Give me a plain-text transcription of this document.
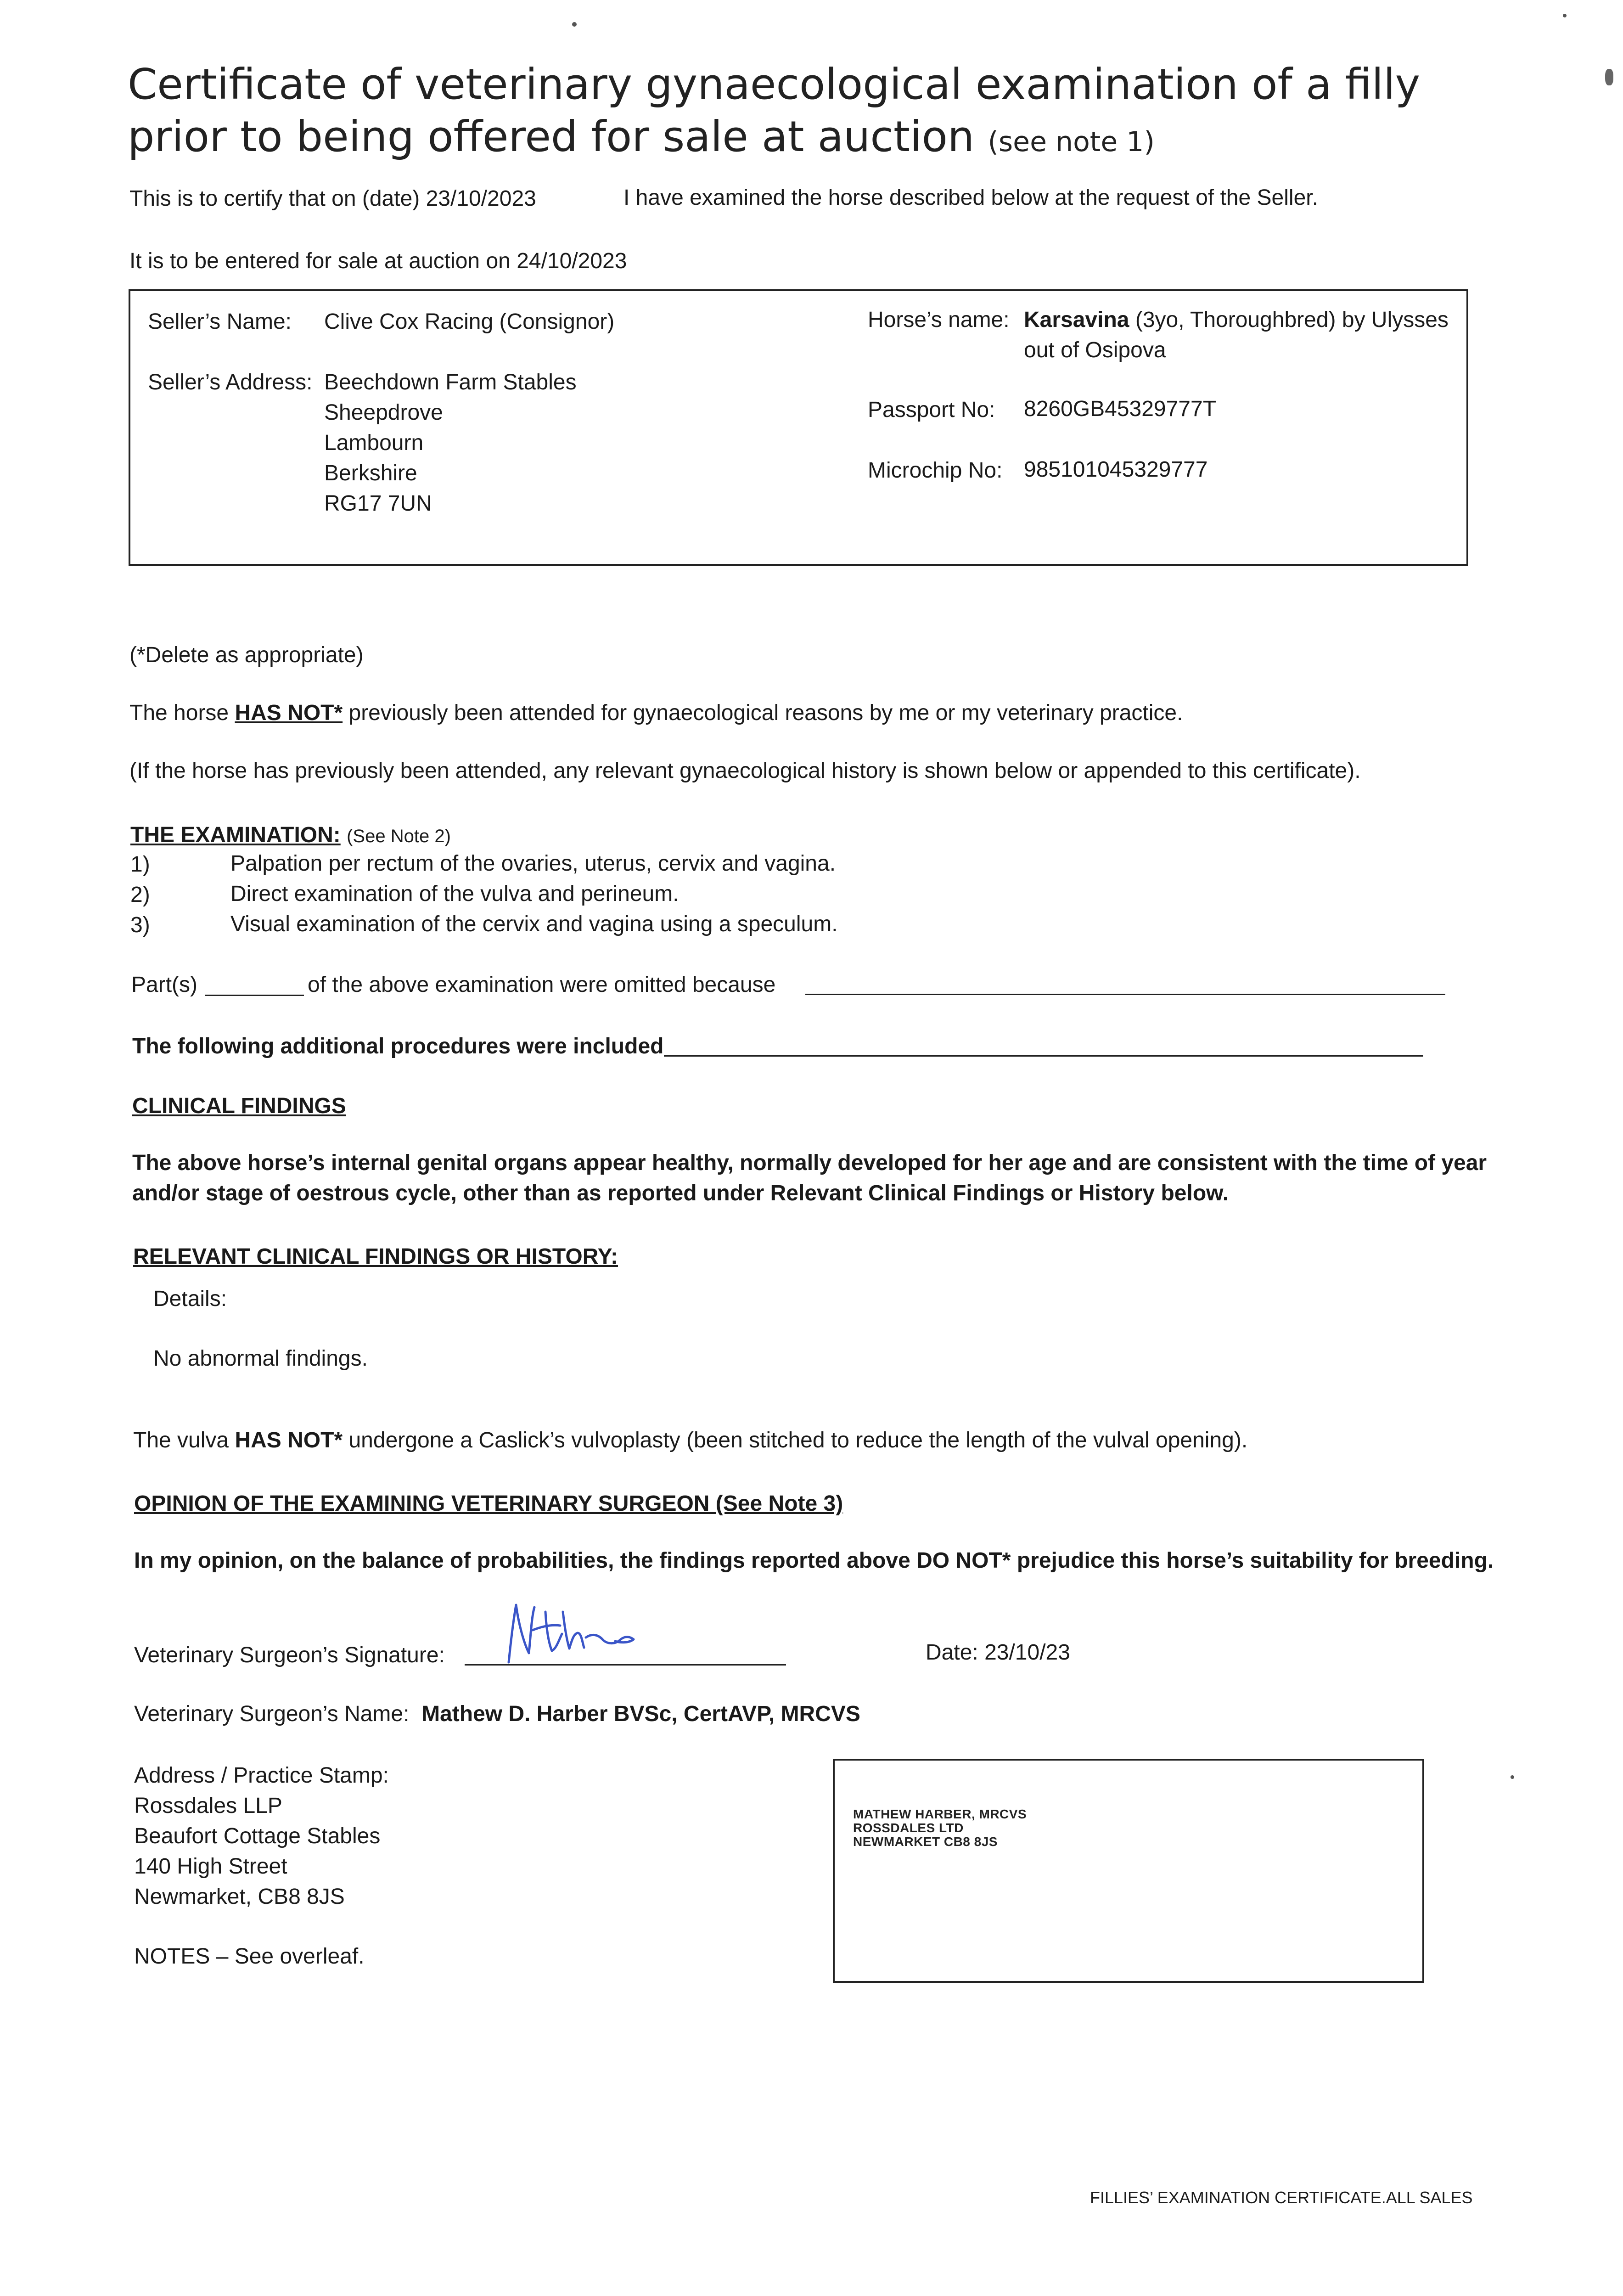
Certificate of veterinary gynaecological examination of a filly
prior to being offered for sale at auction (see note 1)
This is to certify that on (date) 23/10/2023	I have examined the horse described below at the request of the Seller.
It is to be entered for sale at auction on 24/10/2023
Seller’s Name: Clive Cox Racing (Consignor)
Seller’s Address: Beechdown Farm Stables
Sheepdrove
Lambourn
Berkshire
RG17 7UN
Horse’s name: Karsavina (3yo, Thoroughbred) by Ulysses
out of Osipova
Passport No: 8260GB45329777T
Microchip No: 985101045329777
(*Delete as appropriate)
The horse HAS NOT* previously been attended for gynaecological reasons by me or my veterinary practice.
(If the horse has previously been attended, any relevant gynaecological history is shown below or appended to this certificate).
THE EXAMINATION: (See Note 2)
1)	Palpation per rectum of the ovaries, uterus, cervix and vagina.
2)	Direct examination of the vulva and perineum.
3)	Visual examination of the cervix and vagina using a speculum.
Part(s)	of the above examination were omitted because
The following additional procedures were included
CLINICAL FINDINGS
The above horse’s internal genital organs appear healthy, normally developed for her age and are consistent with the time of year
and/or stage of oestrous cycle, other than as reported under Relevant Clinical Findings or History below.
RELEVANT CLINICAL FINDINGS OR HISTORY:
Details:
No abnormal findings.
The vulva HAS NOT* undergone a Caslick’s vulvoplasty (been stitched to reduce the length of the vulval opening).
OPINION OF THE EXAMINING VETERINARY SURGEON (See Note 3)
In my opinion, on the balance of probabilities, the findings reported above DO NOT* prejudice this horse’s suitability for breeding.
Veterinary Surgeon’s Signature:	Date: 23/10/23
Veterinary Surgeon’s Name: Mathew D. Harber BVSc, CertAVP, MRCVS
Address / Practice Stamp:
Rossdales LLP
Beaufort Cottage Stables
140 High Street
Newmarket, CB8 8JS
NOTES – See overleaf.
MATHEW HARBER, MRCVS
ROSSDALES LTD
NEWMARKET CB8 8JS
FILLIES’ EXAMINATION CERTIFICATE.ALL SALES
